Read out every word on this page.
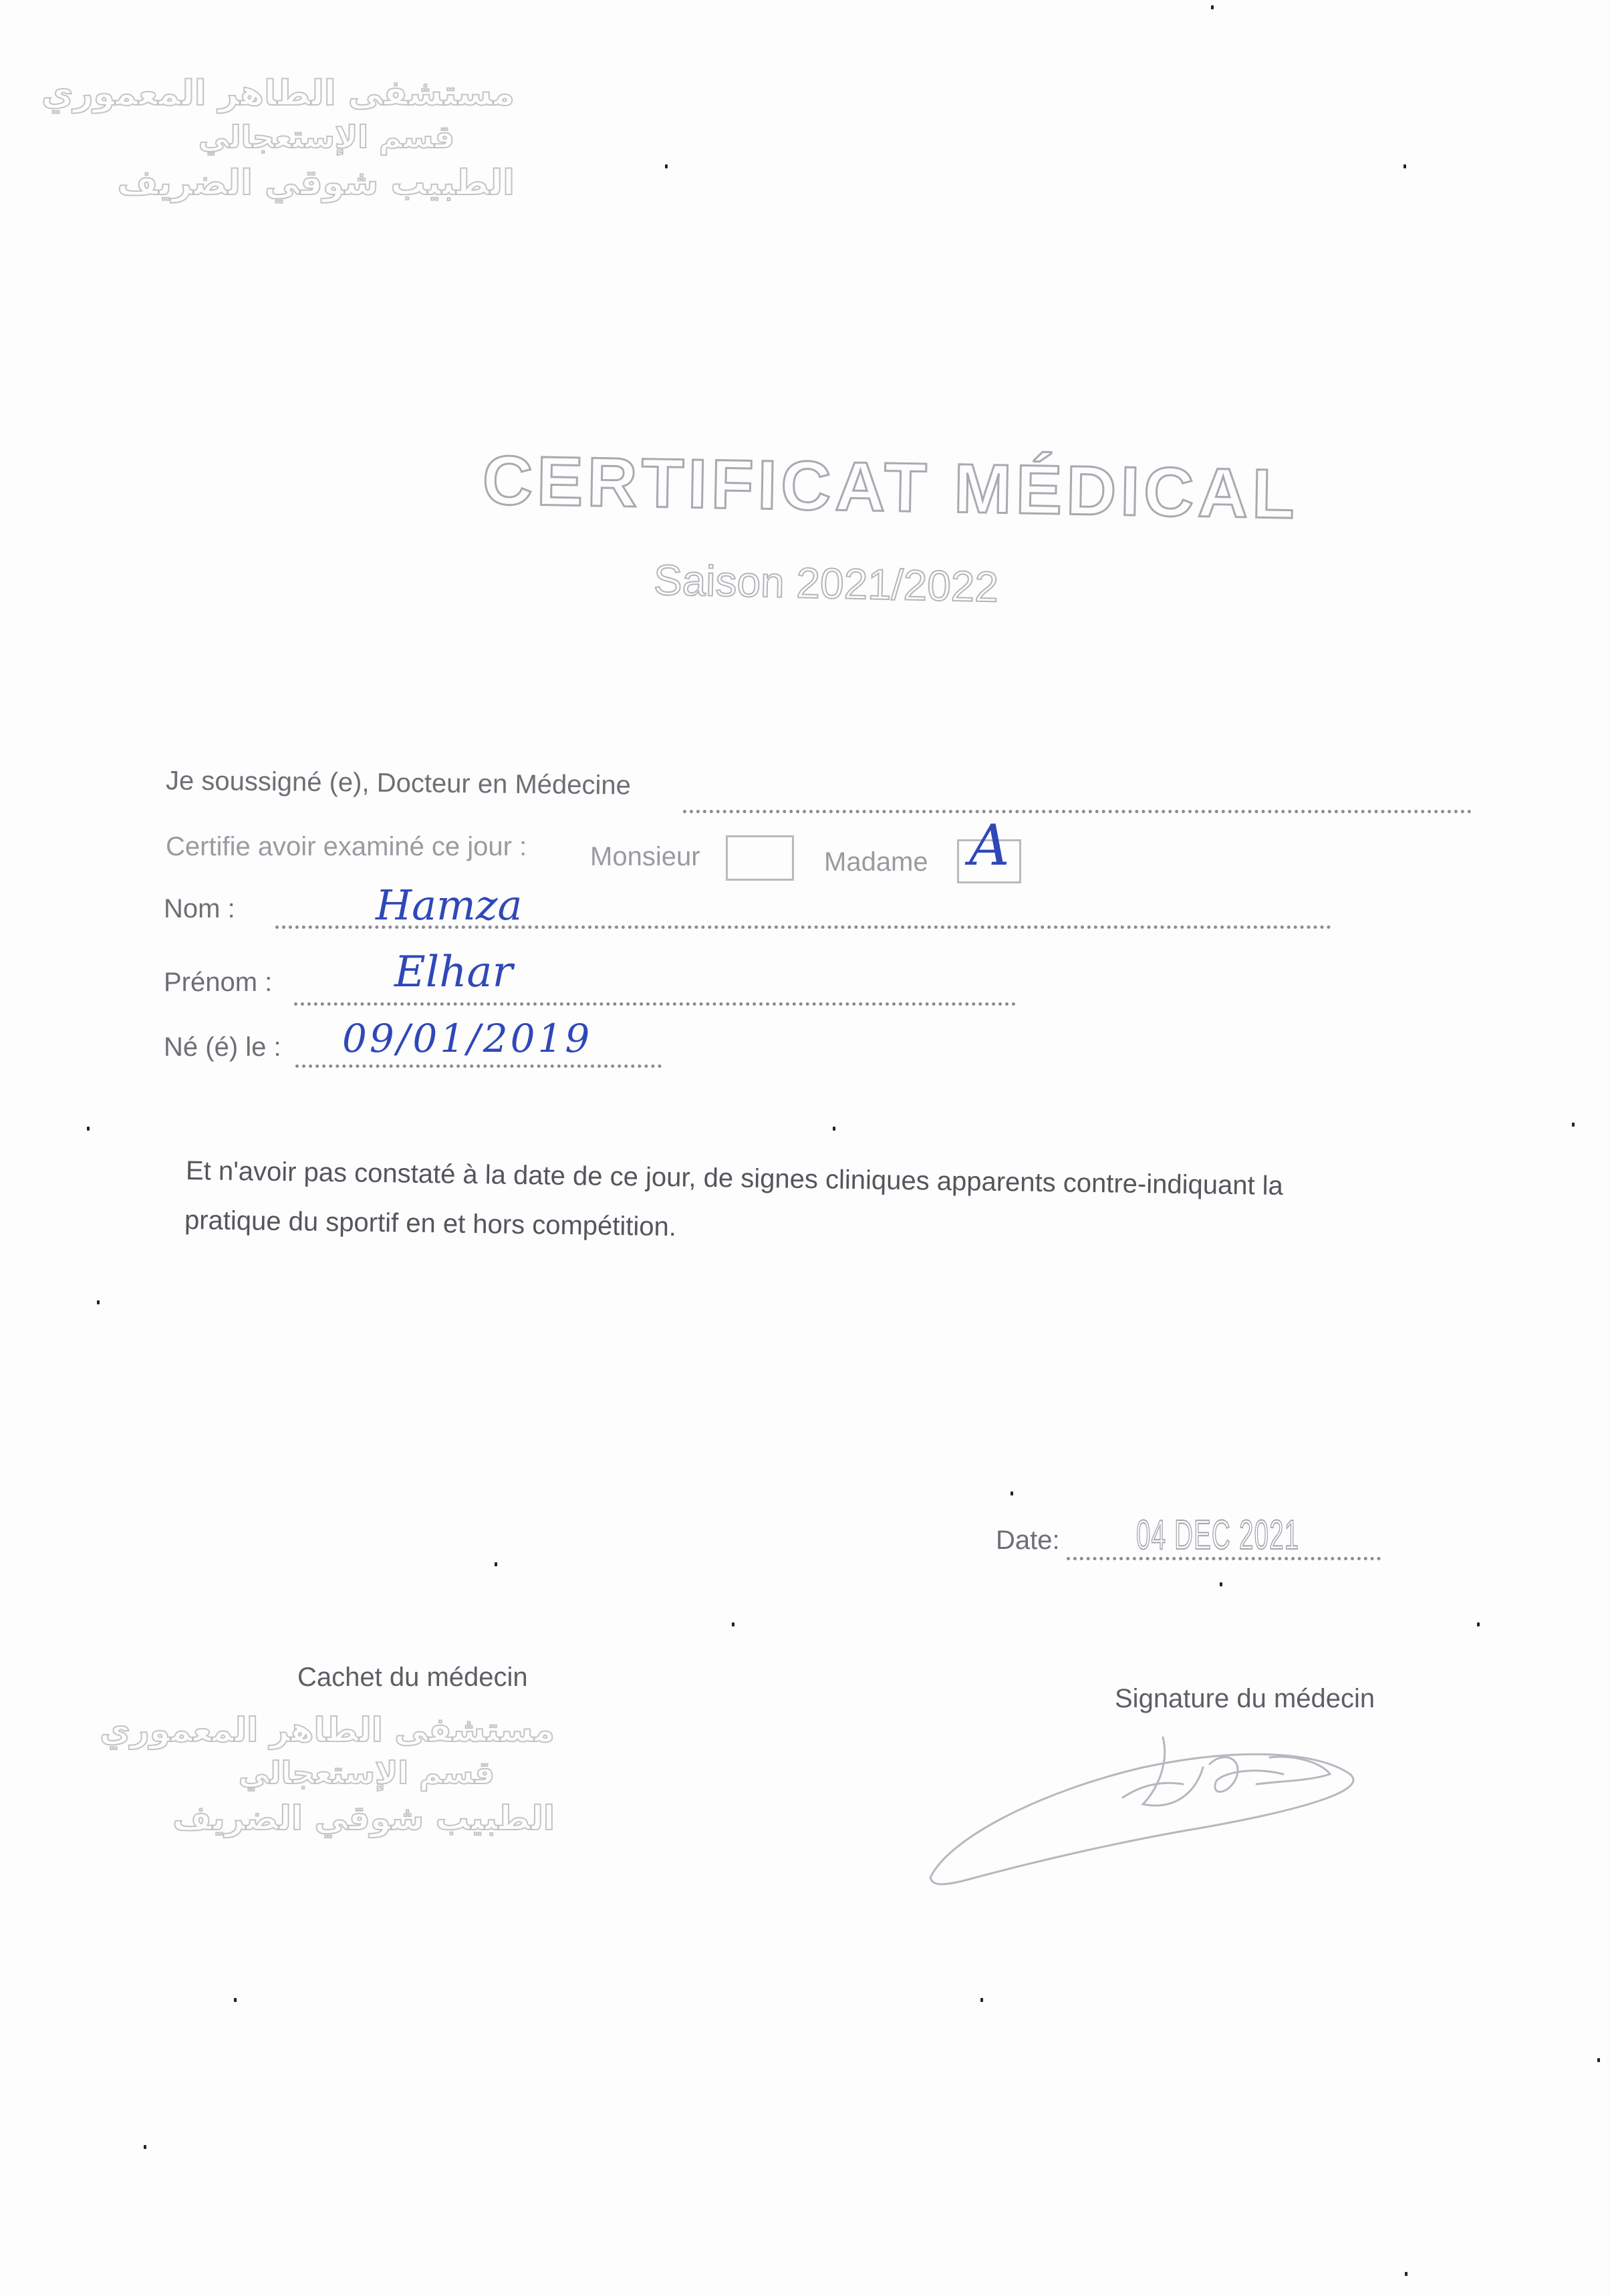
مستشفى الطاهر المعموري
قسم الإستعجالي
الطبيب شوقي الضريف
CERTIFICAT MÉDICAL
Saison 2021/2022
Je soussigné (e), Docteur en Médecine
Certifie avoir examiné ce jour : Monsieur	Madame A
Nom :	Hamza
Prénom :	Elhar
Né (é) le : 09/01/2019
Et n'avoir pas constaté à la date de ce jour, de signes cliniques apparents contre-indiquant la
pratique du sportif en et hors compétition.
Date: 04 DEC 2021
Cachet du médecin
مستشفى الطاهر المعموري
قسم الإستعجالي
الطبيب شوقي الضريف
Signature du médecin
